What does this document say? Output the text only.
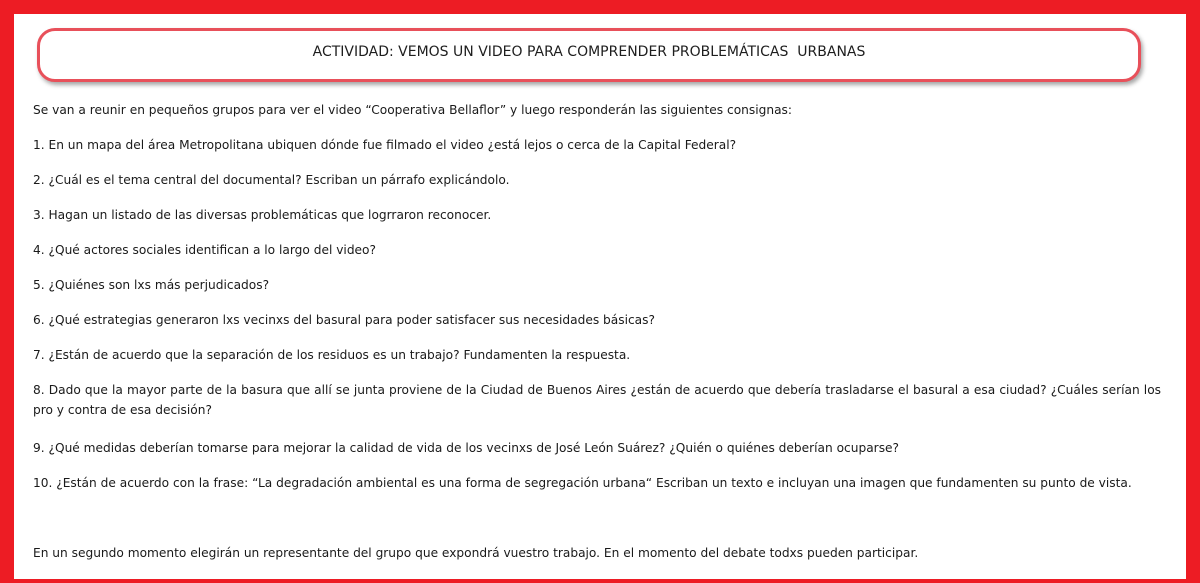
ACTIVIDAD: VEMOS UN VIDEO PARA COMPRENDER PROBLEMÁTICAS  URBANAS

Se van a reunir en pequeños grupos para ver el video “Cooperativa Bellaflor” y luego responderán las siguientes consignas:

1. En un mapa del área Metropolitana ubiquen dónde fue filmado el video ¿está lejos o cerca de la Capital Federal?

2. ¿Cuál es el tema central del documental? Escriban un párrafo explicándolo.

3. Hagan un listado de las diversas problemáticas que logrraron reconocer.

4. ¿Qué actores sociales identifican a lo largo del video?

5. ¿Quiénes son lxs más perjudicados?

6. ¿Qué estrategias generaron lxs vecinxs del basural para poder satisfacer sus necesidades básicas?

7. ¿Están de acuerdo que la separación de los residuos es un trabajo? Fundamenten la respuesta.

8. Dado que la mayor parte de la basura que allí se junta proviene de la Ciudad de Buenos Aires ¿están de acuerdo que debería trasladarse el basural a esa ciudad? ¿Cuáles serían los pro y contra de esa decisión?

9. ¿Qué medidas deberían tomarse para mejorar la calidad de vida de los vecinxs de José León Suárez? ¿Quién o quiénes deberían ocuparse?

10. ¿Están de acuerdo con la frase: “La degradación ambiental es una forma de segregación urbana“ Escriban un texto e incluyan una imagen que fundamenten su punto de vista.

En un segundo momento elegirán un representante del grupo que expondrá vuestro trabajo. En el momento del debate todxs pueden participar.
